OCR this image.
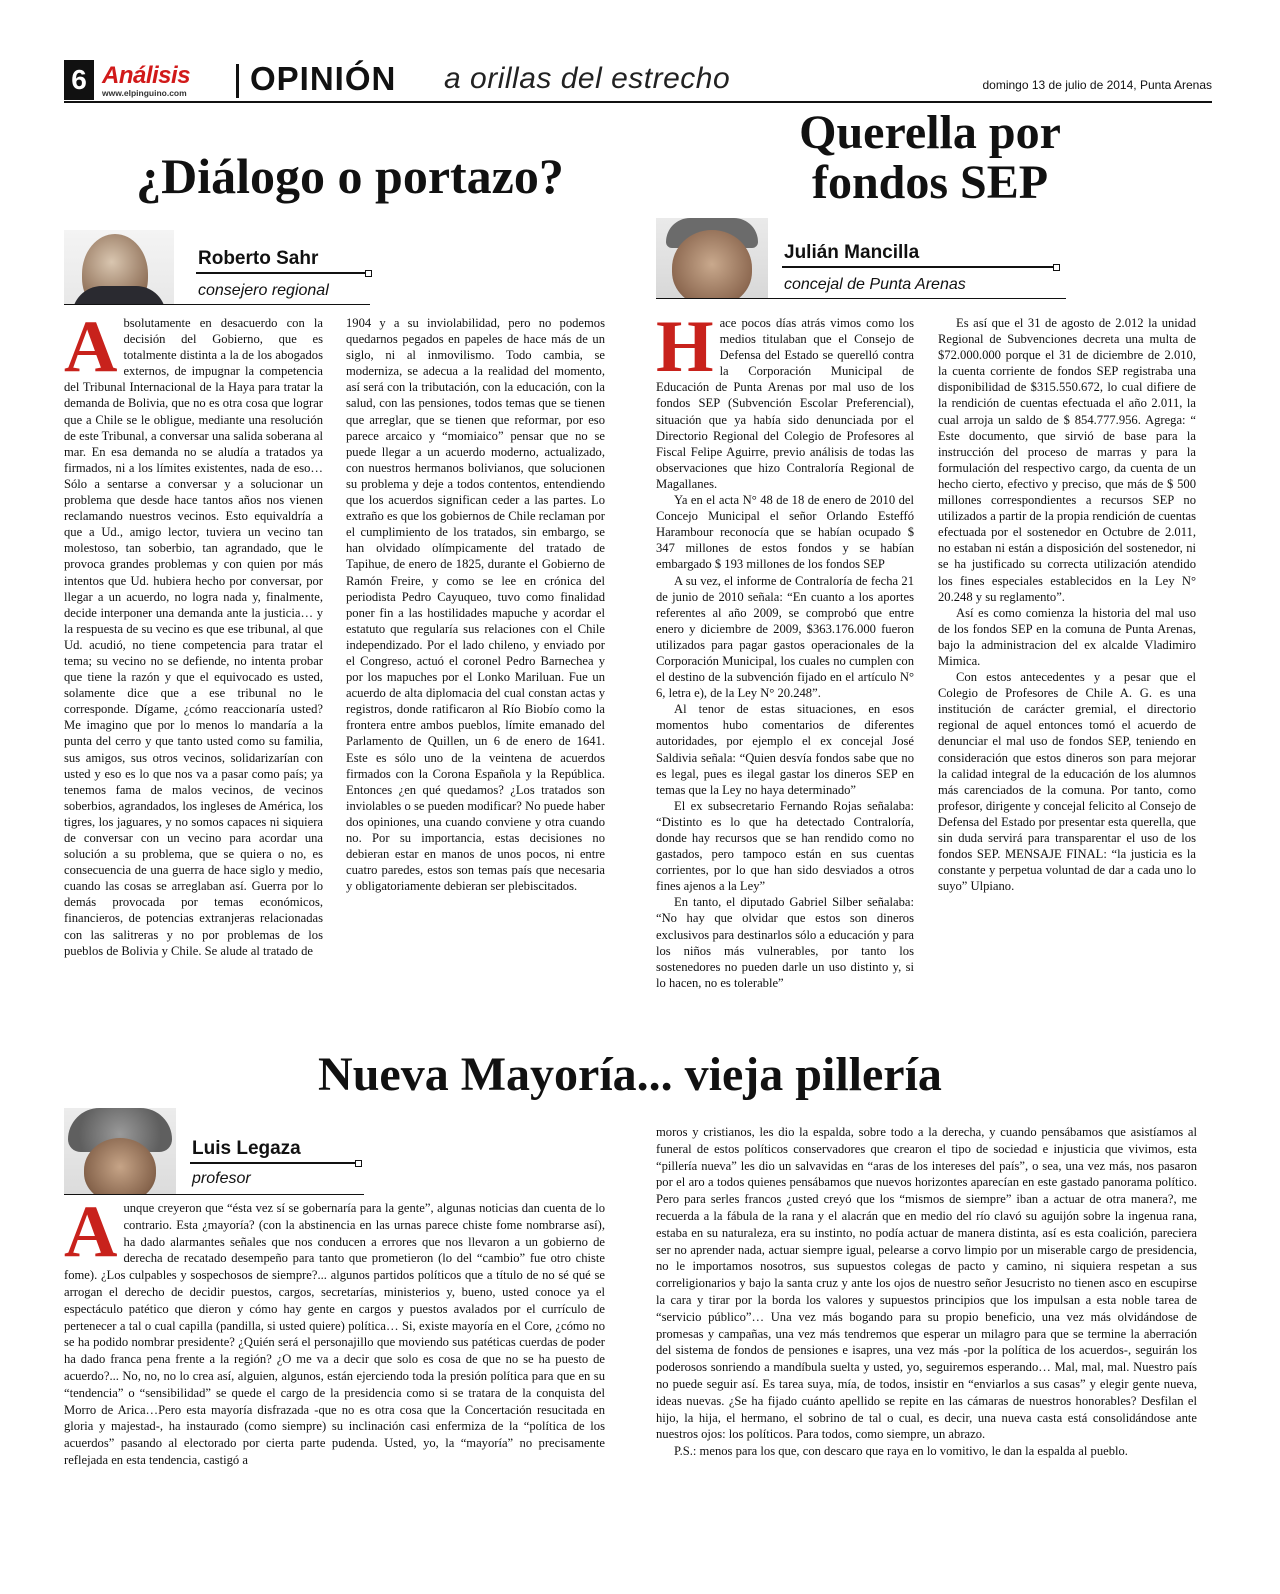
6 Análisis
www.elpinguino.com OPINIÓN a orillas del estrecho	domingo 13 de julio de 2014, Punta Arenas
¿Diálogo o portazo?
Roberto Sahr
consejero regional

Absolutamente en desacuerdo con la decisión del Gobierno, que es totalmente distinta a la de los abogados externos, de impugnar la competencia del Tribunal Internacional de la Haya para tratar la demanda de Bolivia, que no es otra cosa que lograr que a Chile se le obligue, mediante una resolución de este Tribunal, a conversar una salida soberana al mar. En esa demanda no se aludía a tratados ya firmados, ni a los límites existentes, nada de eso… Sólo a sentarse a conversar y a solucionar un problema que desde hace tantos años nos vienen reclamando nuestros vecinos. Esto equivaldría a que a Ud., amigo lector, tuviera un vecino tan molestoso, tan soberbio, tan agrandado, que le provoca grandes problemas y con quien por más intentos que Ud. hubiera hecho por conversar, por llegar a un acuerdo, no logra nada y, finalmente, decide interponer una demanda ante la justicia… y la respuesta de su vecino es que ese tribunal, al que Ud. acudió, no tiene competencia para tratar el tema; su vecino no se defiende, no intenta probar que tiene la razón y que el equivocado es usted, solamente dice que a ese tribunal no le corresponde. Dígame, ¿cómo reaccionaría usted? Me imagino que por lo menos lo mandaría a la punta del cerro y que tanto usted como su familia, sus amigos, sus otros vecinos, solidarizarían con usted y eso es lo que nos va a pasar como país; ya tenemos fama de malos vecinos, de vecinos soberbios, agrandados, los ingleses de América, los tigres, los jaguares, y no somos capaces ni siquiera de conversar con un vecino para acordar una solución a su problema, que se quiera o no, es consecuencia de una guerra de hace siglo y medio, cuando las cosas se arreglaban así. Guerra por lo demás provocada por temas económicos, financieros, de potencias extranjeras relacionadas con las salitreras y no por problemas de los pueblos de Bolivia y Chile. Se alude al tratado de

1904 y a su inviolabilidad, pero no podemos quedarnos pegados en papeles de hace más de un siglo, ni al inmovilismo. Todo cambia, se moderniza, se adecua a la realidad del momento, así será con la tributación, con la educación, con la salud, con las pensiones, todos temas que se tienen que arreglar, que se tienen que reformar, por eso parece arcaico y “momiaico” pensar que no se puede llegar a un acuerdo moderno, actualizado, con nuestros hermanos bolivianos, que solucionen su problema y deje a todos contentos, entendiendo que los acuerdos significan ceder a las partes. Lo extraño es que los gobiernos de Chile reclaman por el cumplimiento de los tratados, sin embargo, se han olvidado olímpicamente del tratado de Tapihue, de enero de 1825, durante el Gobierno de Ramón Freire, y como se lee en crónica del periodista Pedro Cayuqueo, tuvo como finalidad poner fin a las hostilidades mapuche y acordar el estatuto que regularía sus relaciones con el Chile independizado. Por el lado chileno, y enviado por el Congreso, actuó el coronel Pedro Barnechea y por los mapuches por el Lonko Mariluan. Fue un acuerdo de alta diplomacia del cual constan actas y registros, donde ratificaron al Río Biobío como la frontera entre ambos pueblos, límite emanado del Parlamento de Quillen, un 6 de enero de 1641. Este es sólo uno de la veintena de acuerdos firmados con la Corona Española y la República. Entonces ¿en qué quedamos? ¿Los tratados son inviolables o se pueden modificar? No puede haber dos opiniones, una cuando conviene y otra cuando no. Por su importancia, estas decisiones no debieran estar en manos de unos pocos, ni entre cuatro paredes, estos son temas país que necesaria y obligatoriamente debieran ser plebiscitados.

Querella por
fondos SEP
Julián Mancilla
concejal de Punta Arenas

Hace pocos días atrás vimos como los medios titulaban que el Consejo de Defensa del Estado se querelló contra la Corporación Municipal de Educación de Punta Arenas por mal uso de los fondos SEP (Subvención Escolar Preferencial), situación que ya había sido denunciada por el Directorio Regional del Colegio de Profesores al Fiscal Felipe Aguirre, previo análisis de todas las observaciones que hizo Contraloría Regional de Magallanes.

Ya en el acta N° 48 de 18 de enero de 2010 del Concejo Municipal el señor Orlando Esteffó Harambour reconocía que se habían ocupado $ 347 millones de estos fondos y se habían embargado $ 193 millones de los fondos SEP

A su vez, el informe de Contraloría de fecha 21 de junio de 2010 señala: “En cuanto a los aportes referentes al año 2009, se comprobó que entre enero y diciembre de 2009, $363.176.000 fueron utilizados para pagar gastos operacionales de la Corporación Municipal, los cuales no cumplen con el destino de la subvención fijado en el artículo N° 6, letra e), de la Ley N° 20.248”.

Al tenor de estas situaciones, en esos momentos hubo comentarios de diferentes autoridades, por ejemplo el ex concejal José Saldivia señala: “Quien desvía fondos sabe que no es legal, pues es ilegal gastar los dineros SEP en temas que la Ley no haya determinado”

El ex subsecretario Fernando Rojas señalaba: “Distinto es lo que ha detectado Contraloría, donde hay recursos que se han rendido como no gastados, pero tampoco están en sus cuentas corrientes, por lo que han sido desviados a otros fines ajenos a la Ley”

En tanto, el diputado Gabriel Silber señalaba: “No hay que olvidar que estos son dineros exclusivos para destinarlos sólo a educación y para los niños más vulnerables, por tanto los sostenedores no pueden darle un uso distinto y, si lo hacen, no es tolerable”

Es así que el 31 de agosto de 2.012 la unidad Regional de Subvenciones decreta una multa de $72.000.000 porque el 31 de diciembre de 2.010, la cuenta corriente de fondos SEP registraba una disponibilidad de $315.550.672, lo cual difiere de la rendición de cuentas efectuada el año 2.011, la cual arroja un saldo de $ 854.777.956. Agrega: “ Este documento, que sirvió de base para la instrucción del proceso de marras y para la formulación del respectivo cargo, da cuenta de un hecho cierto, efectivo y preciso, que más de $ 500 millones correspondientes a recursos SEP no utilizados a partir de la propia rendición de cuentas efectuada por el sostenedor en Octubre de 2.011, no estaban ni están a disposición del sostenedor, ni se ha justificado su correcta utilización atendido los fines especiales establecidos en la Ley N° 20.248 y su reglamento”.

Así es como comienza la historia del mal uso de los fondos SEP en la comuna de Punta Arenas, bajo la administracion del ex alcalde Vladimiro Mimica.

Con estos antecedentes y a pesar que el Colegio de Profesores de Chile A. G. es una institución de carácter gremial, el directorio regional de aquel entonces tomó el acuerdo de denunciar el mal uso de fondos SEP, teniendo en consideración que estos dineros son para mejorar la calidad integral de la educación de los alumnos más carenciados de la comuna. Por tanto, como profesor, dirigente y concejal felicito al Consejo de Defensa del Estado por presentar esta querella, que sin duda servirá para transparentar el uso de los fondos SEP. MENSAJE FINAL: “la justicia es la constante y perpetua voluntad de dar a cada uno lo suyo” Ulpiano.

Nueva Mayoría... vieja pillería
Luis Legaza
profesor

Aunque creyeron que “ésta vez sí se gobernaría para la gente”, algunas noticias dan cuenta de lo contrario. Esta ¿mayoría? (con la abstinencia en las urnas parece chiste fome nombrarse así), ha dado alarmantes señales que nos conducen a errores que nos llevaron a un gobierno de derecha de recatado desempeño para tanto que prometieron (lo del “cambio” fue otro chiste fome). ¿Los culpables y sospechosos de siempre?... algunos partidos políticos que a título de no sé qué se arrogan el derecho de decidir puestos, cargos, secretarías, ministerios y, bueno, usted conoce ya el espectáculo patético que dieron y cómo hay gente en cargos y puestos avalados por el currículo de pertenecer a tal o cual capilla (pandilla, si usted quiere) política… Si, existe mayoría en el Core, ¿cómo no se ha podido nombrar presidente? ¿Quién será el personajillo que moviendo sus patéticas cuerdas de poder ha dado franca pena frente a la región? ¿O me va a decir que solo es cosa de que no se ha puesto de acuerdo?... No, no, no lo crea así, alguien, algunos, están ejerciendo toda la presión política para que en su “tendencia” o “sensibilidad” se quede el cargo de la presidencia como si se tratara de la conquista del Morro de Arica…Pero esta mayoría disfrazada -que no es otra cosa que la Concertación resucitada en gloria y majestad-, ha instaurado (como siempre) su inclinación casi enfermiza de la “política de los acuerdos” pasando al electorado por cierta parte pudenda. Usted, yo, la “mayoría” no precisamente reflejada en esta tendencia, castigó a

moros y cristianos, les dio la espalda, sobre todo a la derecha, y cuando pensábamos que asistíamos al funeral de estos políticos conservadores que crearon el tipo de sociedad e injusticia que vivimos, esta “pillería nueva” les dio un salvavidas en “aras de los intereses del país”, o sea, una vez más, nos pasaron por el aro a todos quienes pensábamos que nuevos horizontes aparecían en este gastado panorama político. Pero para serles francos ¿usted creyó que los “mismos de siempre” iban a actuar de otra manera?, me recuerda a la fábula de la rana y el alacrán que en medio del río clavó su aguijón sobre la ingenua rana, estaba en su naturaleza, era su instinto, no podía actuar de manera distinta, así es esta coalición, pareciera ser no aprender nada, actuar siempre igual, pelearse a corvo limpio por un miserable cargo de presidencia, no le importamos nosotros, sus supuestos colegas de pacto y camino, ni siquiera respetan a sus correligionarios y bajo la santa cruz y ante los ojos de nuestro señor Jesucristo no tienen asco en escupirse la cara y tirar por la borda los valores y supuestos principios que los impulsan a esta noble tarea de “servicio público”… Una vez más bogando para su propio beneficio, una vez más olvidándose de promesas y campañas, una vez más tendremos que esperar un milagro para que se termine la aberración del sistema de fondos de pensiones e isapres, una vez más -por la política de los acuerdos-, seguirán los poderosos sonriendo a mandíbula suelta y usted, yo, seguiremos esperando… Mal, mal, mal. Nuestro país no puede seguir así. Es tarea suya, mía, de todos, insistir en “enviarlos a sus casas” y elegir gente nueva, ideas nuevas. ¿Se ha fijado cuánto apellido se repite en las cámaras de nuestros honorables? Desfilan el hijo, la hija, el hermano, el sobrino de tal o cual, es decir, una nueva casta está consolidándose ante nuestros ojos: los políticos. Para todos, como siempre, un abrazo.

P.S.: menos para los que, con descaro que raya en lo vomitivo, le dan la espalda al pueblo.
